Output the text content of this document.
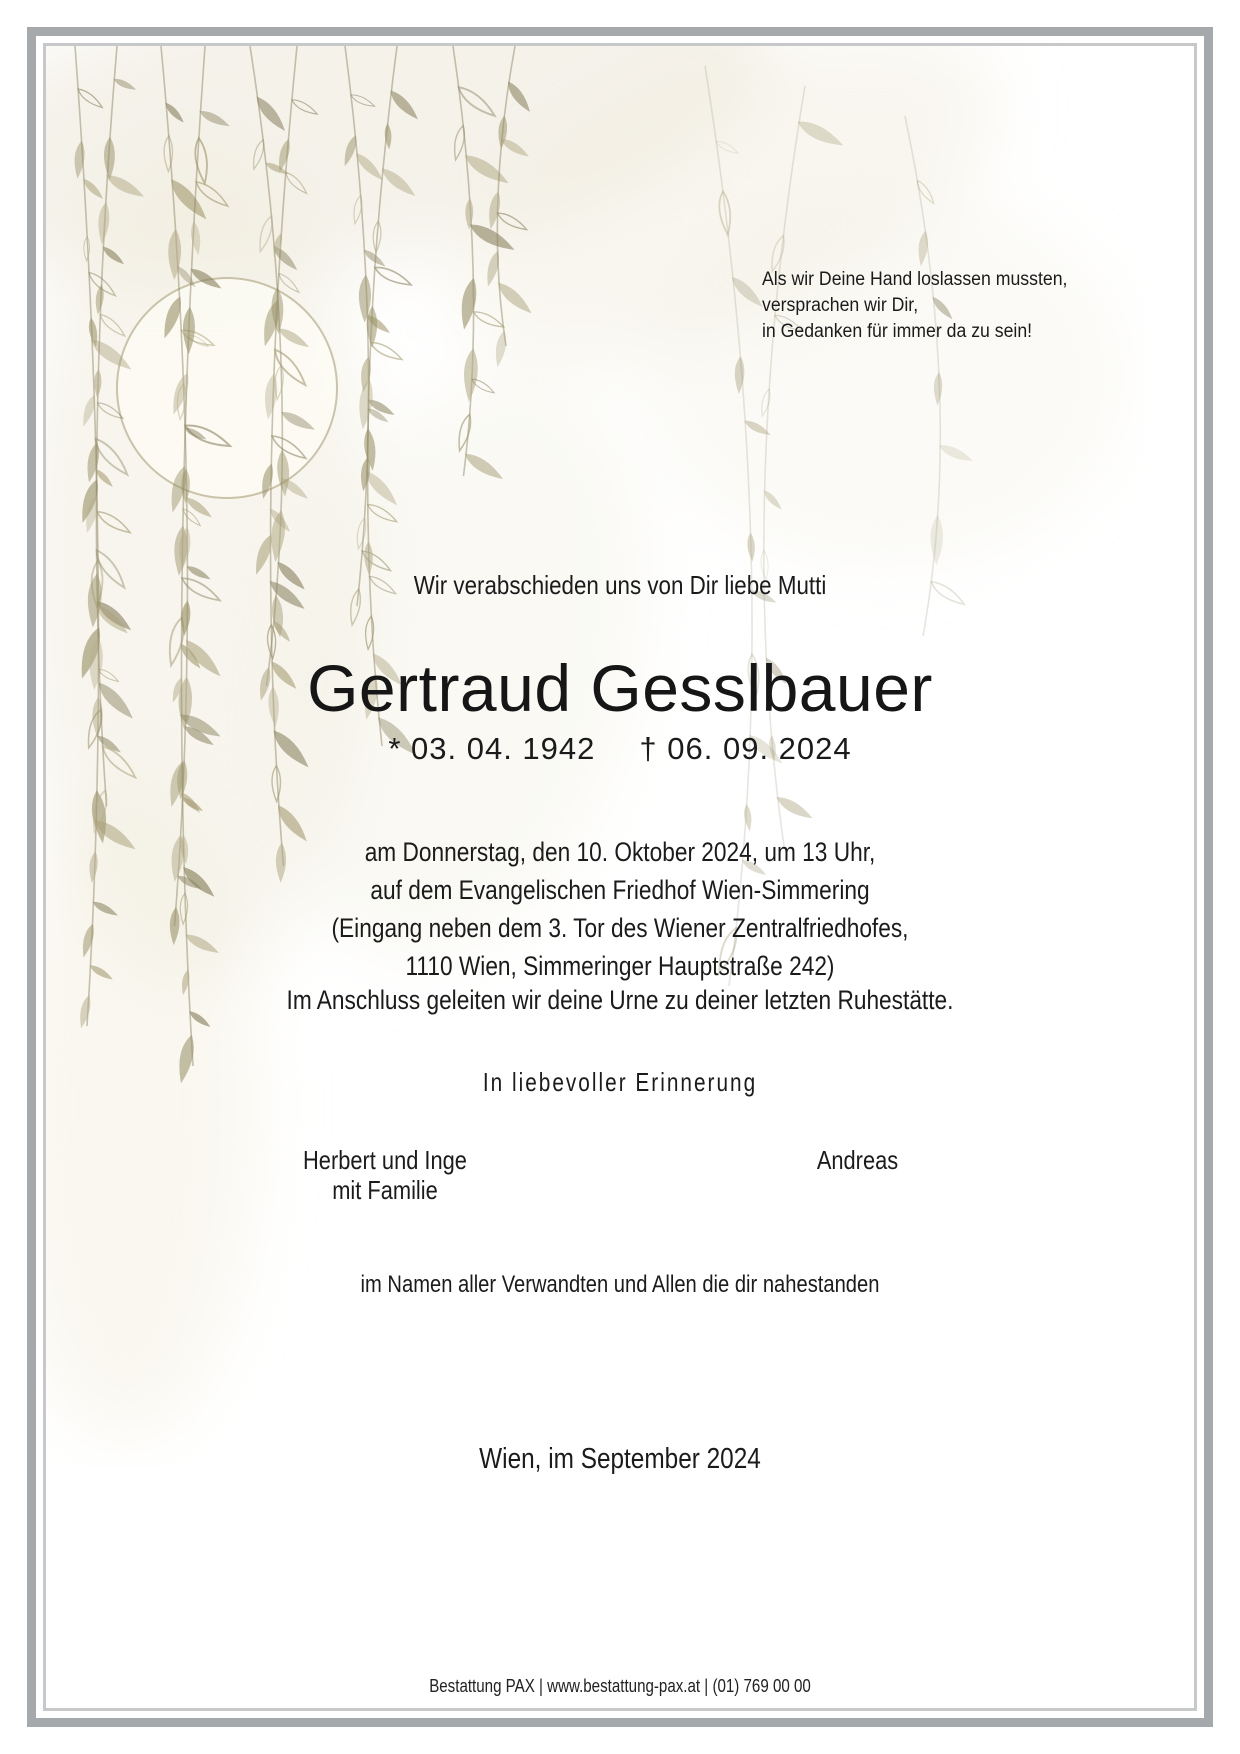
Als wir Deine Hand loslassen mussten,
versprachen wir Dir,
in Gedanken für immer da zu sein!
Wir verabschieden uns von Dir liebe Mutti
Gertraud Gesslbauer
* 03. 04. 1942 † 06. 09. 2024
am Donnerstag, den 10. Oktober 2024, um 13 Uhr,
auf dem Evangelischen Friedhof Wien-Simmering
(Eingang neben dem 3. Tor des Wiener Zentralfriedhofes,
1110 Wien, Simmeringer Hauptstraße 242)
Im Anschluss geleiten wir deine Urne zu deiner letzten Ruhestätte.
In liebevoller Erinnerung
Herbert und Inge
mit Familie
Andreas
im Namen aller Verwandten und Allen die dir nahestanden
Wien, im September 2024
Bestattung PAX | www.bestattung-pax.at | (01) 769 00 00
